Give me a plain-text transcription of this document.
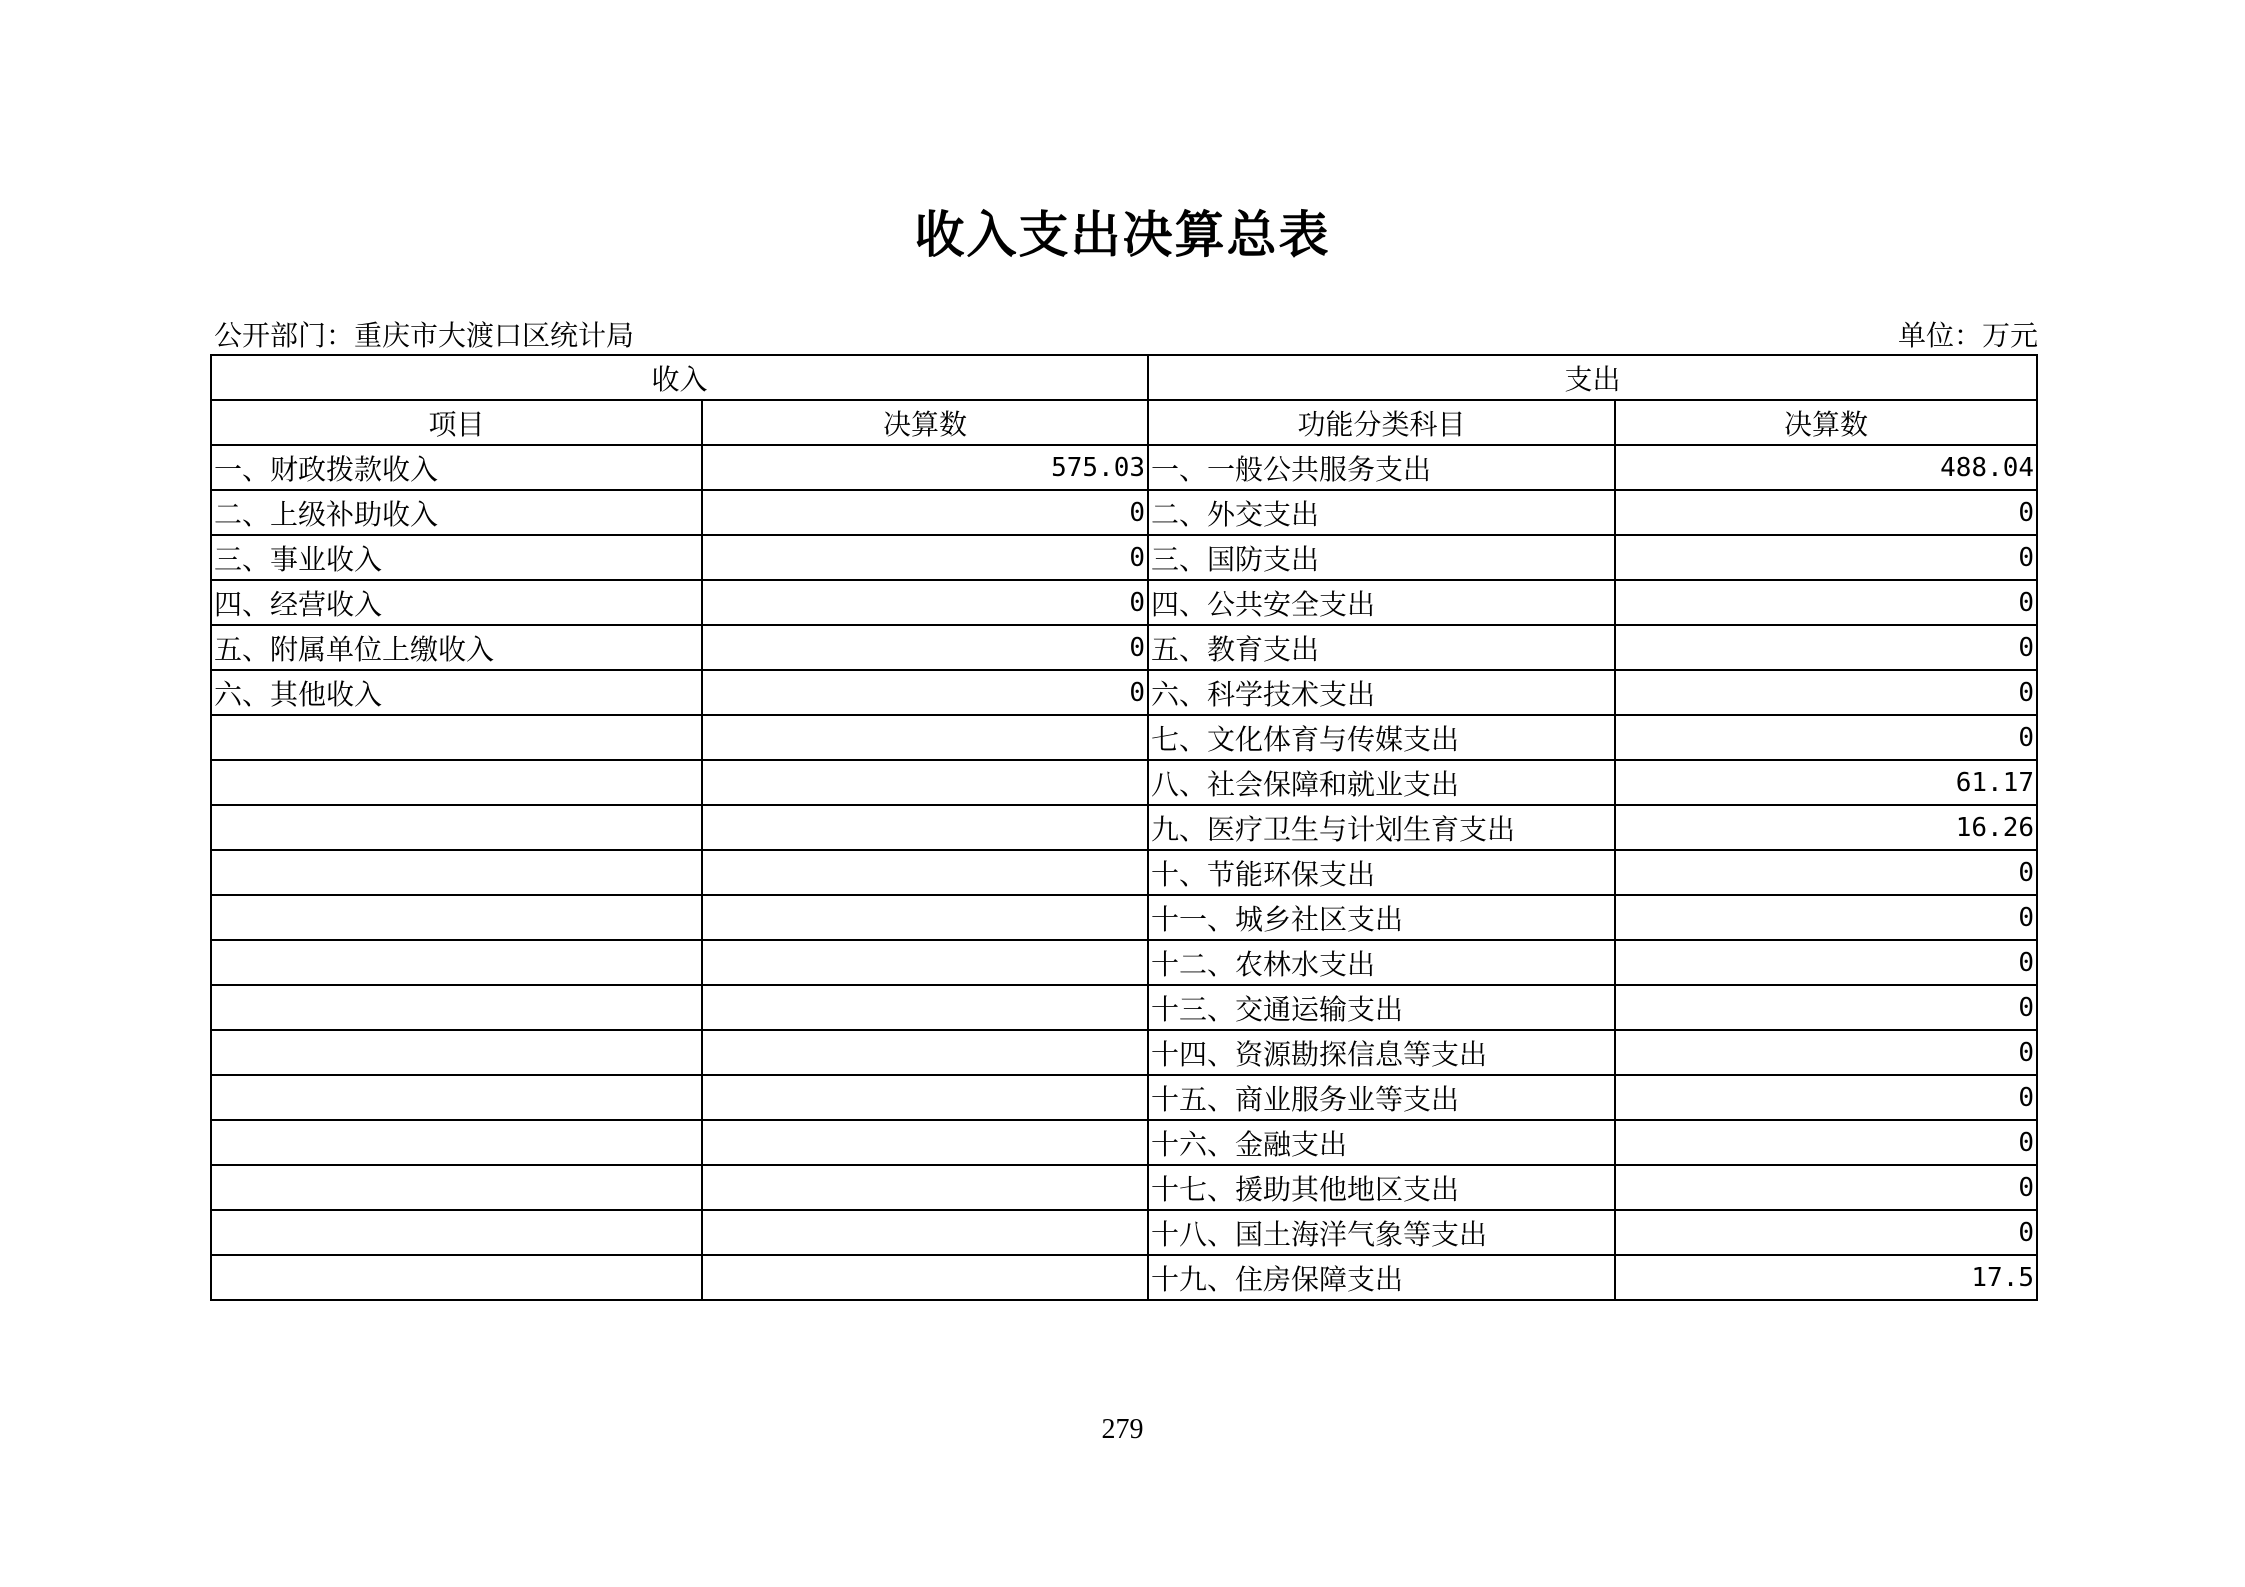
收入支出决算总表
公开部门：重庆市大渡口区统计局	单位：万元
收入		支出	
项目	决算数	功能分类科目	决算数
一、财政拨款收入	575.03	一、一般公共服务支出	488.04
二、上级补助收入	0	二、外交支出	0
三、事业收入	0	三、国防支出	0
四、经营收入	0	四、公共安全支出	0
五、附属单位上缴收入	0	五、教育支出	0
六、其他收入	0	六、科学技术支出	0
		七、文化体育与传媒支出	0
		八、社会保障和就业支出	61.17
		九、医疗卫生与计划生育支出	16.26
		十、节能环保支出	0
		十一、城乡社区支出	0
		十二、农林水支出	0
		十三、交通运输支出	0
		十四、资源勘探信息等支出	0
		十五、商业服务业等支出	0
		十六、金融支出	0
		十七、援助其他地区支出	0
		十八、国土海洋气象等支出	0
		十九、住房保障支出	17.5
279
